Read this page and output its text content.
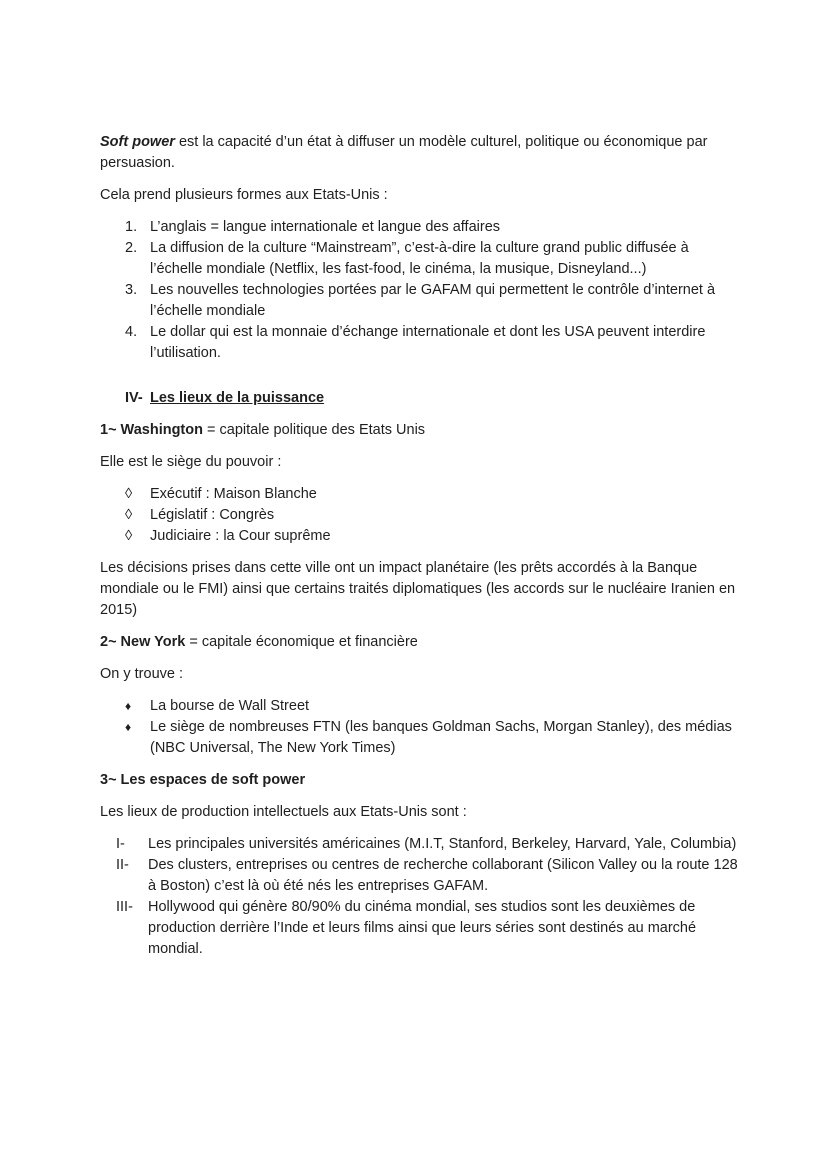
Soft power est la capacité d’un état à diffuser un modèle culturel, politique ou économique par persuasion.

Cela prend plusieurs formes aux Etats-Unis :

1. L’anglais = langue internationale et langue des affaires
2. La diffusion de la culture “Mainstream”, c’est-à-dire la culture grand public diffusée à l’échelle mondiale (Netflix, les fast-food, le cinéma, la musique, Disneyland...)
3. Les nouvelles technologies portées par le GAFAM qui permettent le contrôle d’internet à l’échelle mondiale
4. Le dollar qui est la monnaie d’échange internationale et dont les USA peuvent interdire l’utilisation.
IV- Les lieux de la puissance

1~ Washington = capitale politique des Etats Unis

Elle est le siège du pouvoir :

◊	Exécutif : Maison Blanche
◊	Législatif : Congrès
◊	Judiciaire : la Cour suprême

Les décisions prises dans cette ville ont un impact planétaire (les prêts accordés à la Banque mondiale ou le FMI) ainsi que certains traités diplomatiques (les accords sur le nucléaire Iranien en 2015)

2~ New York = capitale économique et financière

On y trouve :

♦	La bourse de Wall Street
♦	Le siège de nombreuses FTN (les banques Goldman Sachs, Morgan Stanley), des médias (NBC Universal, The New York Times)

3~ Les espaces de soft power

Les lieux de production intellectuels aux Etats-Unis sont :

I-	Les principales universités américaines (M.I.T, Stanford, Berkeley, Harvard, Yale, Columbia)
II-	Des clusters, entreprises ou centres de recherche collaborant (Silicon Valley ou la route 128 à Boston) c’est là où été nés les entreprises GAFAM.
III-	Hollywood qui génère 80/90% du cinéma mondial, ses studios sont les deuxièmes de production derrière l’Inde et leurs films ainsi que leurs séries sont destinés au marché mondial.
